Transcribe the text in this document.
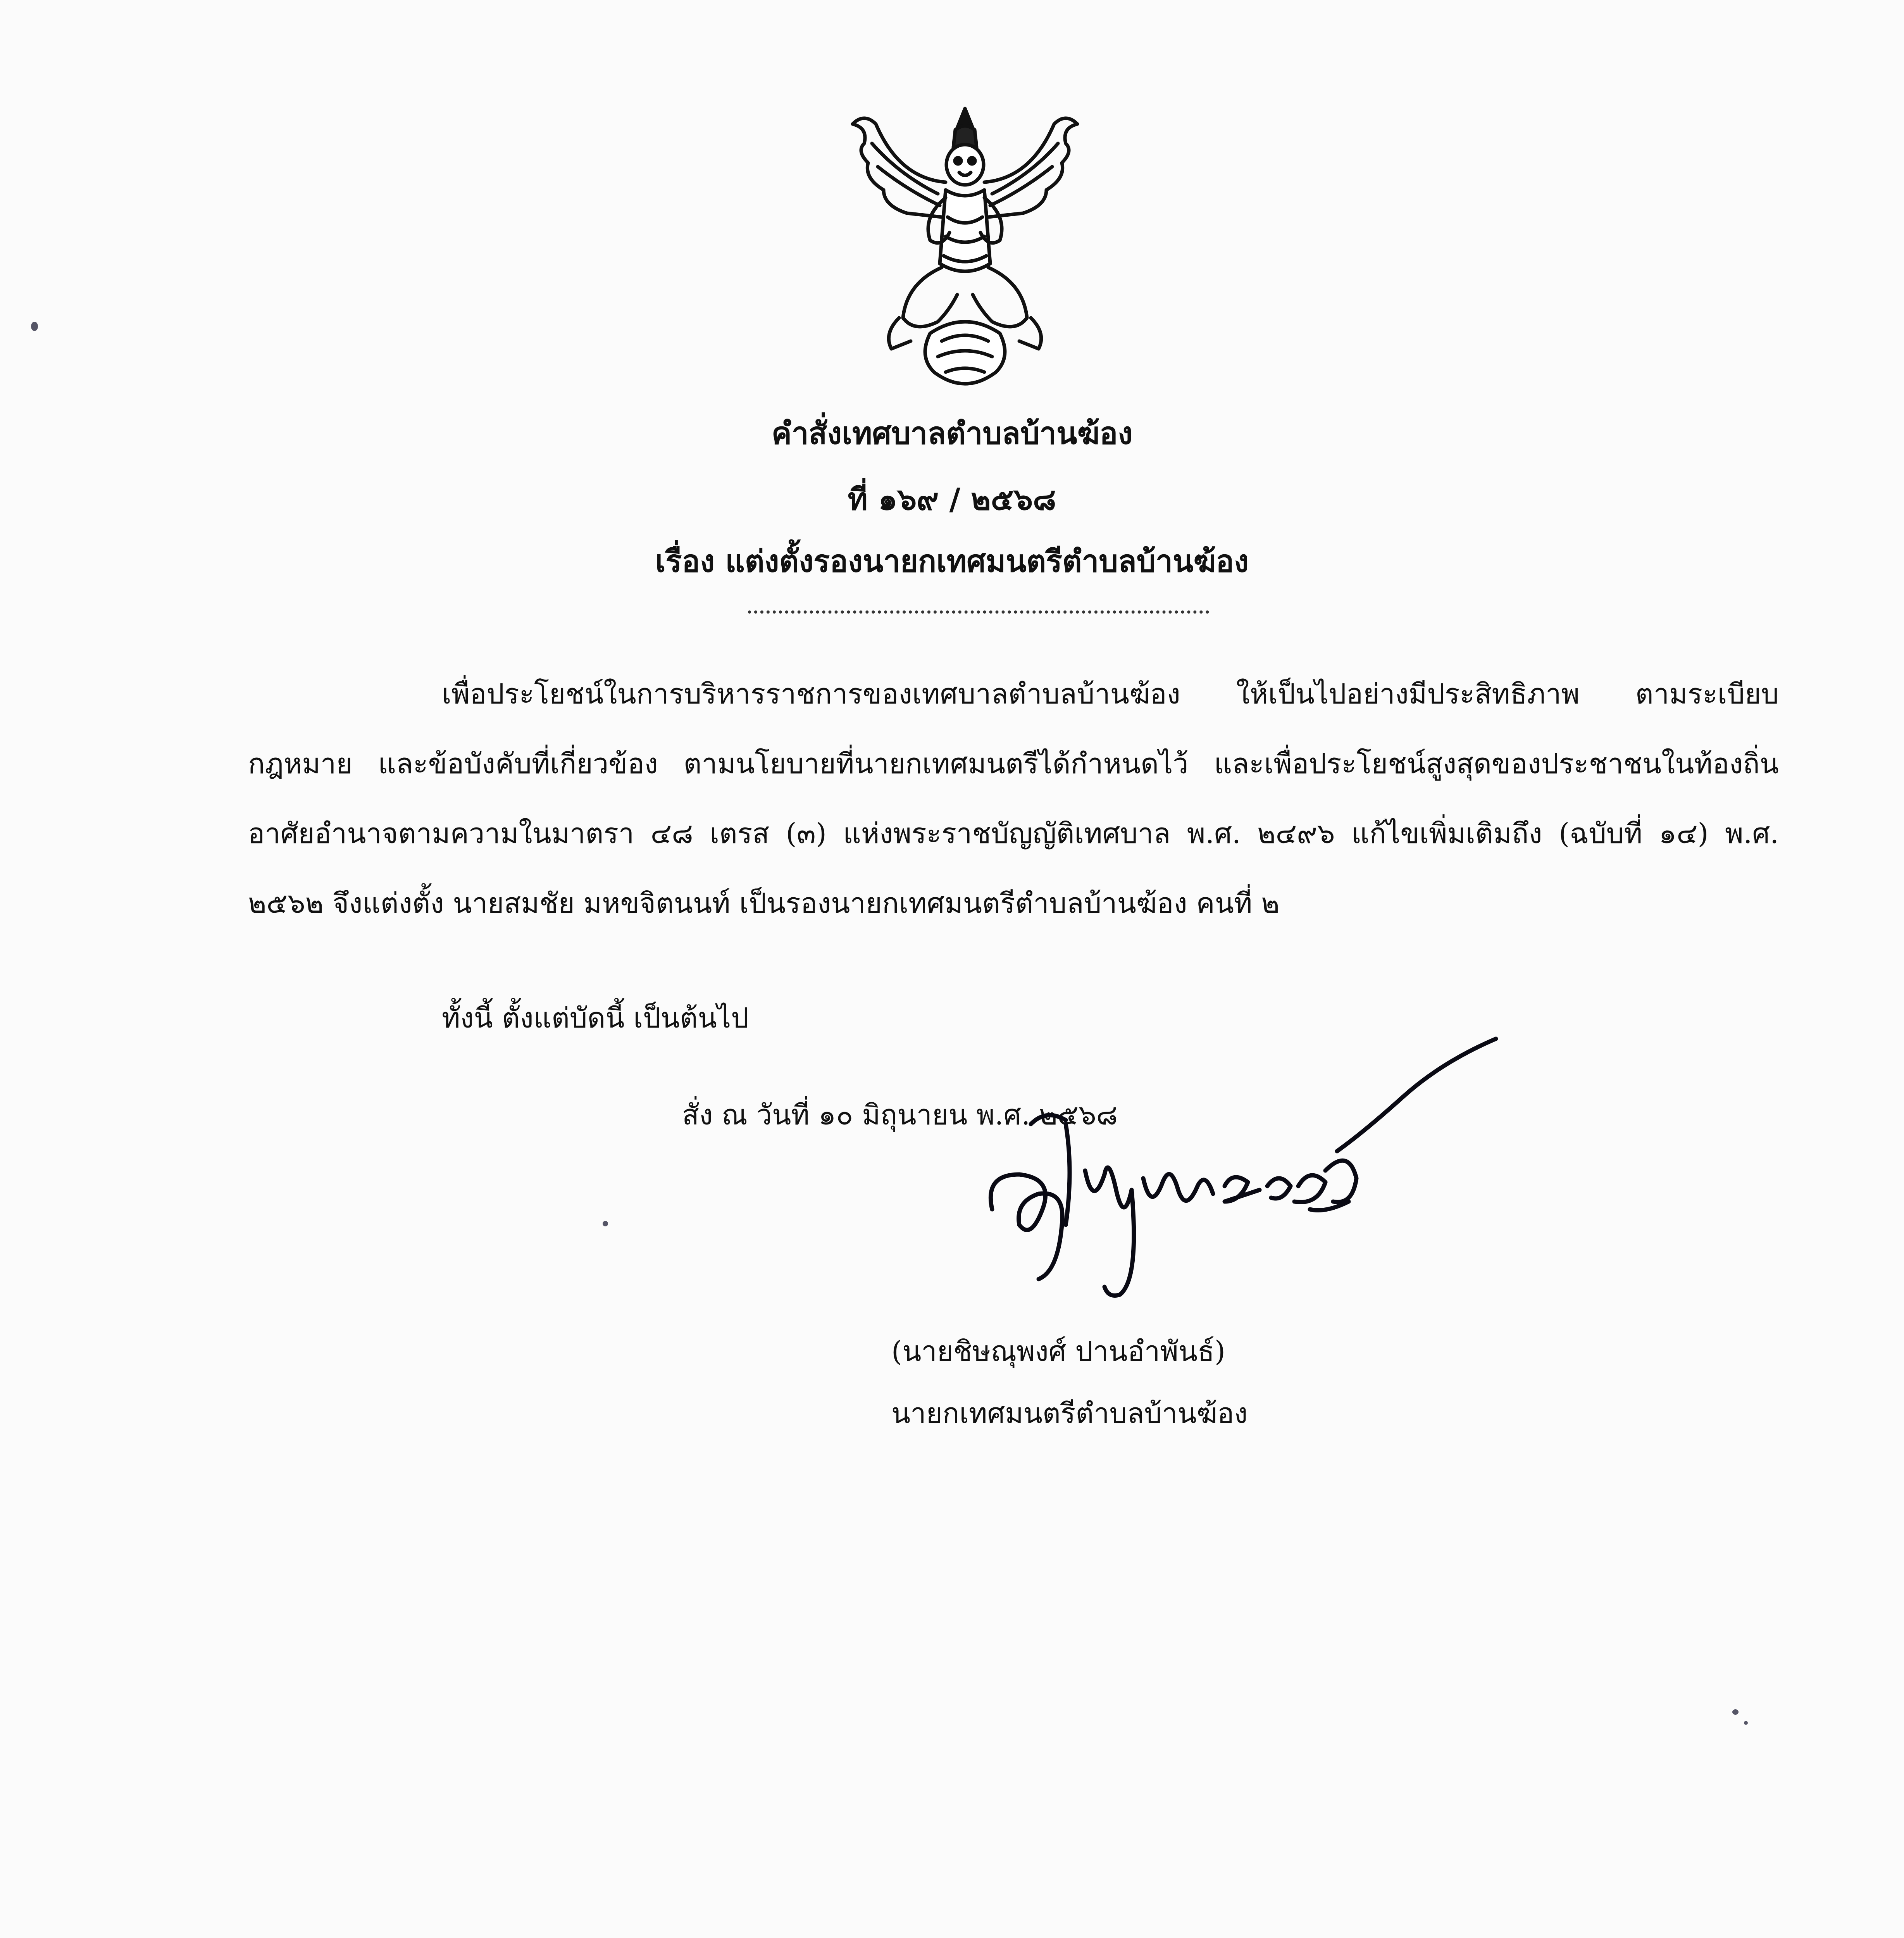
คำสั่งเทศบาลตำบลบ้านฆ้อง
ที่ ๑๖๙ / ๒๕๖๘
เรื่อง แต่งตั้งรองนายกเทศมนตรีตำบลบ้านฆ้อง
เพื่อประโยชน์ในการบริหารราชการของเทศบาลตำบลบ้านฆ้อง ให้เป็นไปอย่างมีประสิทธิภาพ ตามระเบียบ กฎหมาย และข้อบังคับที่เกี่ยวข้อง ตามนโยบายที่นายกเทศมนตรีได้กำหนดไว้ และเพื่อประโยชน์สูงสุดของประชาชนในท้องถิ่น อาศัยอำนาจตามความในมาตรา ๔๘ เตรส (๓) แห่งพระราชบัญญัติเทศบาล พ.ศ. ๒๔๙๖ แก้ไขเพิ่มเติมถึง (ฉบับที่ ๑๔) พ.ศ. ๒๕๖๒ จึงแต่งตั้ง นายสมชัย มหขจิตนนท์ เป็นรองนายกเทศมนตรีตำบลบ้านฆ้อง คนที่ ๒
ทั้งนี้ ตั้งแต่บัดนี้ เป็นต้นไป
สั่ง ณ วันที่ ๑๐ มิถุนายน พ.ศ. ๒๕๖๘
(นายชิษณุพงศ์ ปานอำพันธ์)
นายกเทศมนตรีตำบลบ้านฆ้อง
